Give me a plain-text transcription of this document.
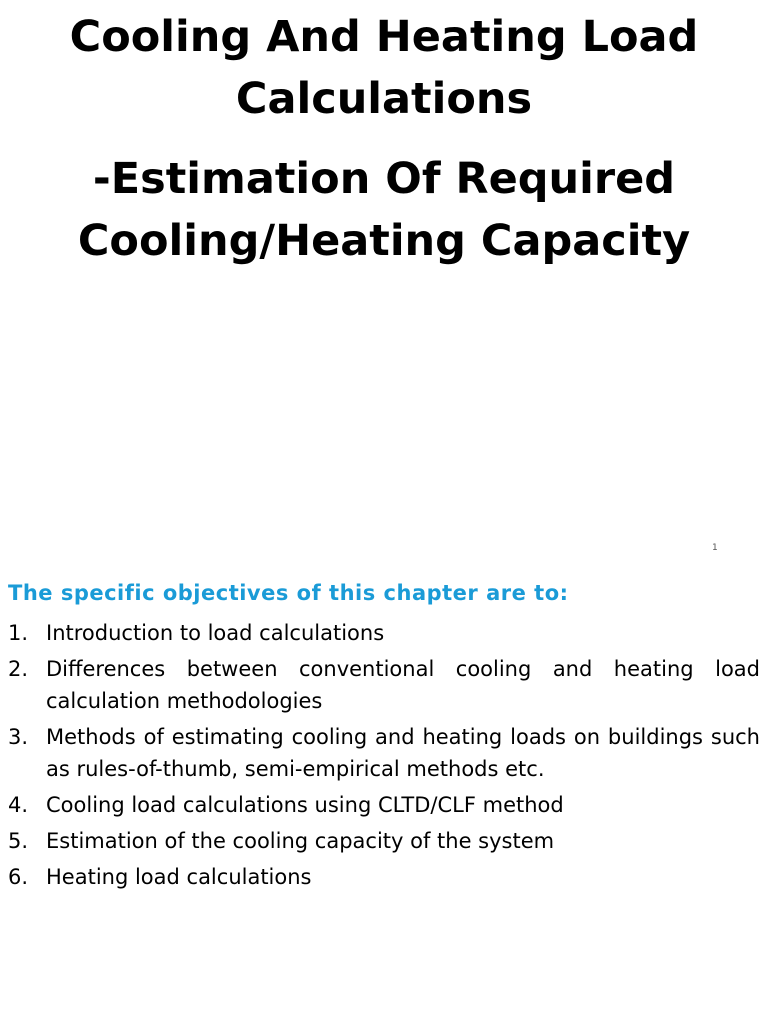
Cooling And Heating Load Calculations
-Estimation Of Required Cooling/Heating Capacity
1
The specific objectives of this chapter are to:
1. Introduction to load calculations
2. Differences between conventional cooling and heating load calculation methodologies
3. Methods of estimating cooling and heating loads on buildings such as rules-of-thumb, semi-empirical methods etc.
4. Cooling load calculations using CLTD/CLF method
5. Estimation of the cooling capacity of the system
6. Heating load calculations
